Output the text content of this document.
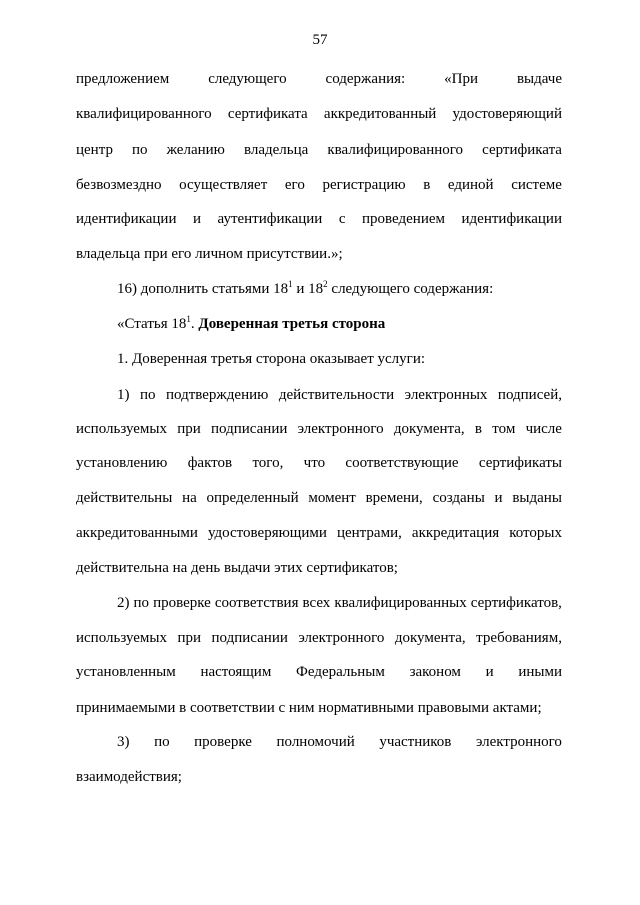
57
предложением	следующего	содержания:	«При	выдаче
квалифицированного сертификата аккредитованный удостоверяющий
центр по желанию владельца квалифицированного сертификата
безвозмездно осуществляет его регистрацию в единой системе
идентификации и аутентификации с проведением идентификации
владельца при его личном присутствии.»;
16) дополнить статьями $18^1$ и $18^2$ следующего содержания:
«Статья $18^1$. Доверенная третья сторона
1. Доверенная третья сторона оказывает услуги:
1) по подтверждению действительности электронных подписей,
используемых при подписании электронного документа, в том числе
установлению фактов того, что соответствующие сертификаты
действительны на определенный момент времени, созданы и выданы
аккредитованными удостоверяющими центрами, аккредитация которых
действительна на день выдачи этих сертификатов;
2) по проверке соответствия всех квалифицированных сертификатов,
используемых при подписании электронного документа, требованиям,
установленным настоящим Федеральным законом и иными
принимаемыми в соответствии с ним нормативными правовыми актами;
3) по проверке полномочий участников электронного
взаимодействия;
